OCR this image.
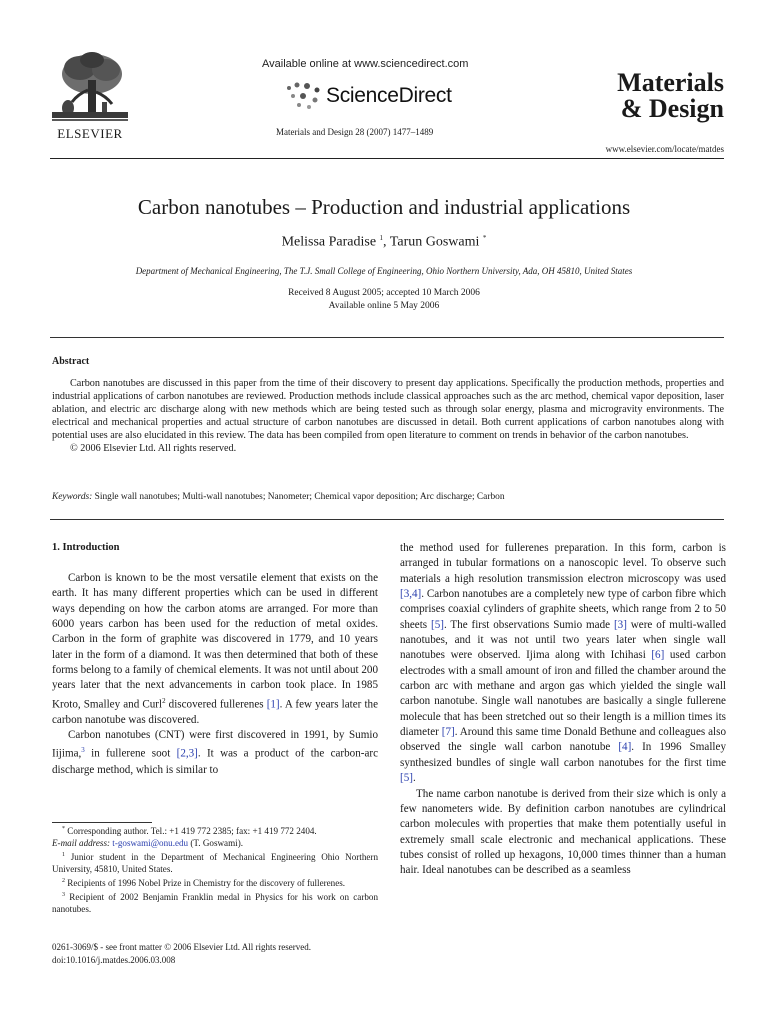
ELSEVIER
Available online at www.sciencedirect.com
ScienceDirect
Materials and Design 28 (2007) 1477–1489
Materials
& Design
www.elsevier.com/locate/matdes
Carbon nanotubes – Production and industrial applications
Melissa Paradise $^1$, Tarun Goswami *
Department of Mechanical Engineering, The T.J. Small College of Engineering, Ohio Northern University, Ada, OH 45810, United States
Received 8 August 2005; accepted 10 March 2006
Available online 5 May 2006
Abstract

Carbon nanotubes are discussed in this paper from the time of their discovery to present day applications. Specifically the production methods, properties and industrial applications of carbon nanotubes are reviewed. Production methods include classical approaches such as the arc method, chemical vapor deposition, laser ablation, and electric arc discharge along with new methods which are being tested such as through solar energy, plasma and microgravity environments. The electrical and mechanical properties and actual structure of carbon nanotubes are discussed in detail. Both current applications of carbon nanotubes along with potential uses are also elucidated in this review. The data has been compiled from open literature to comment on trends in behavior of the carbon nanotubes.

© 2006 Elsevier Ltd. All rights reserved.

Keywords: Single wall nanotubes; Multi-wall nanotubes; Nanometer; Chemical vapor deposition; Arc discharge; Carbon
1. Introduction

Carbon is known to be the most versatile element that exists on the earth. It has many different properties which can be used in different ways depending on how the carbon atoms are arranged. For more than 6000 years carbon has been used for the reduction of metal oxides. Carbon in the form of graphite was discovered in 1779, and 10 years later in the form of a diamond. It was then determined that both of these forms belong to a family of chemical elements. It was not until about 200 years later that the next advancements in carbon took place. In 1985 Kroto, Smalley and Curl$^2$ discovered fullerenes [1]. A few years later the carbon nanotube was discovered.

Carbon nanotubes (CNT) were first discovered in 1991, by Sumio Iijima,$^3$ in fullerene soot [2,3]. It was a product of the carbon-arc discharge method, which is similar to

* Corresponding author. Tel.: +1 419 772 2385; fax: +1 419 772 2404.
E-mail address: t-goswami@onu.edu (T. Goswami).

$^1$ Junior student in the Department of Mechanical Engineering Ohio Northern University, 45810, United States.

$^2$ Recipients of 1996 Nobel Prize in Chemistry for the discovery of fullerenes.

$^3$ Recipient of 2002 Benjamin Franklin medal in Physics for his work on carbon nanotubes.

0261-3069/$ - see front matter © 2006 Elsevier Ltd. All rights reserved.
doi:10.1016/j.matdes.2006.03.008

the method used for fullerenes preparation. In this form, carbon is arranged in tubular formations on a nanoscopic level. To observe such materials a high resolution transmission electron microscopy was used [3,4]. Carbon nanotubes are a completely new type of carbon fibre which comprises coaxial cylinders of graphite sheets, which range from 2 to 50 sheets [5]. The first observations Sumio made [3] were of multi-walled nanotubes, and it was not until two years later when single wall nanotubes were observed. Ijima along with Ichihasi [6] used carbon electrodes with a small amount of iron and filled the chamber around the carbon arc with methane and argon gas which yielded the single wall carbon nanotube. Single wall nanotubes are basically a single fullerene molecule that has been stretched out so their length is a million times its diameter [7]. Around this same time Donald Bethune and colleagues also observed the single wall carbon nanotube [4]. In 1996 Smalley synthesized bundles of single wall carbon nanotubes for the first time [5].

The name carbon nanotube is derived from their size which is only a few nanometers wide. By definition carbon nanotubes are cylindrical carbon molecules with properties that make them potentially useful in extremely small scale electronic and mechanical applications. These tubes consist of rolled up hexagons, 10,000 times thinner than a human hair. Ideal nanotubes can be described as a seamless
